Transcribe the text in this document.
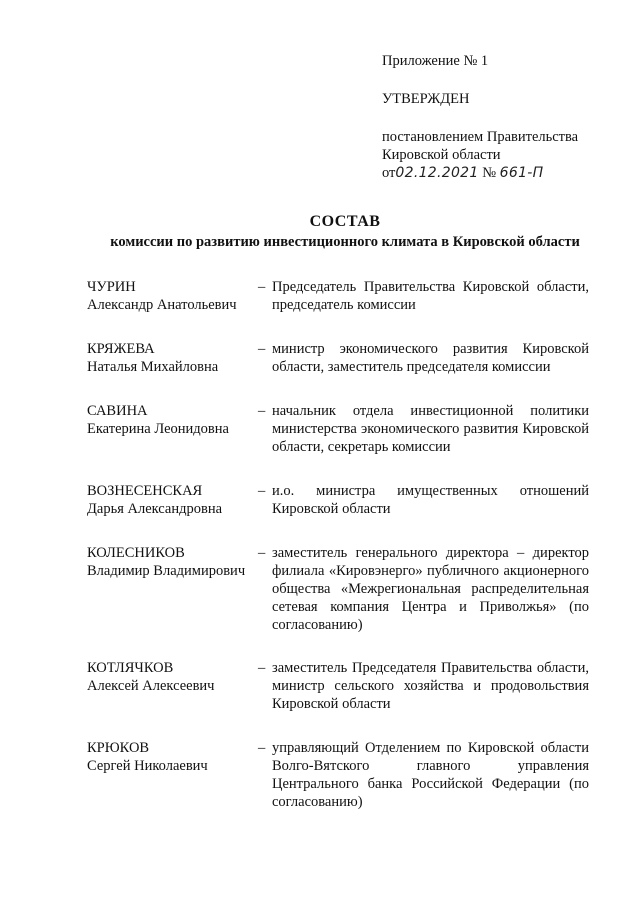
Приложение № 1
УТВЕРЖДЕН
постановлением Правительства
Кировской области
от02.12.2021 № 661-П
СОСТАВ
комиссии по развитию инвестиционного климата в Кировской области
ЧУРИН
Александр Анатольевич
– Председатель Правительства Кировской области, председатель комиссии
КРЯЖЕВА
Наталья Михайловна
– министр экономического развития Кировской области, заместитель председателя комиссии
САВИНА
Екатерина Леонидовна
– начальник отдела инвестиционной политики министерства экономического развития Кировской области, секретарь комиссии
ВОЗНЕСЕНСКАЯ
Дарья Александровна
– и.о. министра имущественных отношений Кировской области
КОЛЕСНИКОВ
Владимир Владимирович
– заместитель генерального директора – директор филиала «Кировэнерго» публичного акционерного общества «Межрегиональная распределительная сетевая компания Центра и Приволжья» (по согласованию)
КОТЛЯЧКОВ
Алексей Алексеевич
– заместитель Председателя Правительства области, министр сельского хозяйства и продовольствия Кировской области
КРЮКОВ
Сергей Николаевич
– управляющий Отделением по Кировской области Волго-Вятского главного управления Центрального банка Российской Федерации (по согласованию)
